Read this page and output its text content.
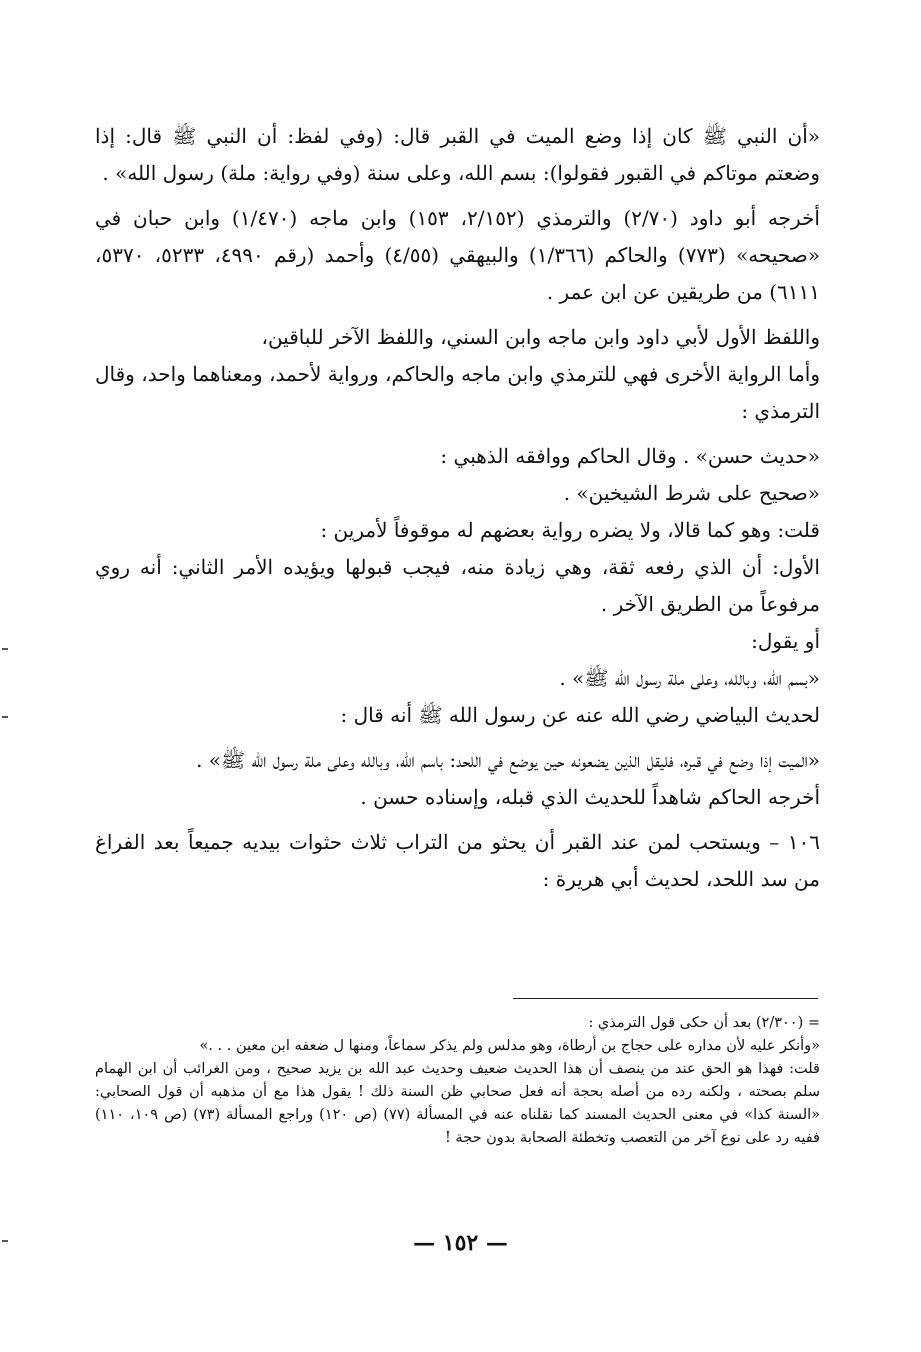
«أن النبي ﷺ كان إذا وضع الميت في القبر قال: (وفي لفظ: أن النبي ﷺ قال: إذا وضعتم موتاكم في القبور فقولوا): بسم الله، وعلى سنة (وفي رواية: ملة) رسول الله» .

أخرجه أبو داود (٢/٧٠) والترمذي (٢/١٥٢، ١٥٣) وابن ماجه (١/٤٧٠) وابن حبان في «صحيحه» (٧٧٣) والحاكم (١/٣٦٦) والبيهقي (٤/٥٥) وأحمد (رقم ٤٩٩٠، ٥٢٣٣، ٥٣٧٠، ٦١١١) من طريقين عن ابن عمر .

واللفظ الأول لأبي داود وابن ماجه وابن السني، واللفظ الآخر للباقين،

وأما الرواية الأخرى فهي للترمذي وابن ماجه والحاكم، ورواية لأحمد، ومعناهما واحد، وقال الترمذي :

«حديث حسن» . وقال الحاكم ووافقه الذهبي :

«صحيح على شرط الشيخين» .

قلت: وهو كما قالا، ولا يضره رواية بعضهم له موقوفاً لأمرين :

الأول: أن الذي رفعه ثقة، وهي زيادة منه، فيجب قبولها ويؤيده الأمر الثاني: أنه روي مرفوعاً من الطريق الآخر .

أو يقول:

«بسم الله، وبالله، وعلى ملة رسول الله ﷺ» .

لحديث البياضي رضي الله عنه عن رسول الله ﷺ أنه قال :

«الميت إذا وضع في قبره، فليقل الذين يضعونه حين يوضع في اللحد: باسم الله، وبالله وعلى ملة رسول الله ﷺ» .

أخرجه الحاكم شاهداً للحديث الذي قبله، وإسناده حسن .

١٠٦ – ويستحب لمن عند القبر أن يحثو من التراب ثلاث حثوات بيديه جميعاً بعد الفراغ من سد اللحد، لحديث أبي هريرة :

= (٢/٣٠٠) بعد أن حكى قول الترمذي :

«وأنكر عليه لأن مداره على حجاج بن أرطاة، وهو مدلس ولم يذكر سماعاً، ومنها ل ضعفه ابن معين . . .»

قلت: فهذا هو الحق عند من ينصف أن هذا الحديث ضعيف وحديث عبد الله بن يزيد صحيح ، ومن الغرائب أن ابن الهمام سلم بصحته ، ولكنه رده من أصله بحجة أنه فعل صحابي ظن السنة ذلك ! يقول هذا مع أن مذهبه أن قول الصحابي: «السنة كذا» في معنى الحديث المسند كما نقلناه عنه في المسألة (٧٧) (ص ١٢٠) وراجع المسألة (٧٣) (ص ١٠٩، ١١٠) ففيه رد على نوع آخر من التعصب وتخطئة الصحابة بدون حجة !

— ١٥٢ —
